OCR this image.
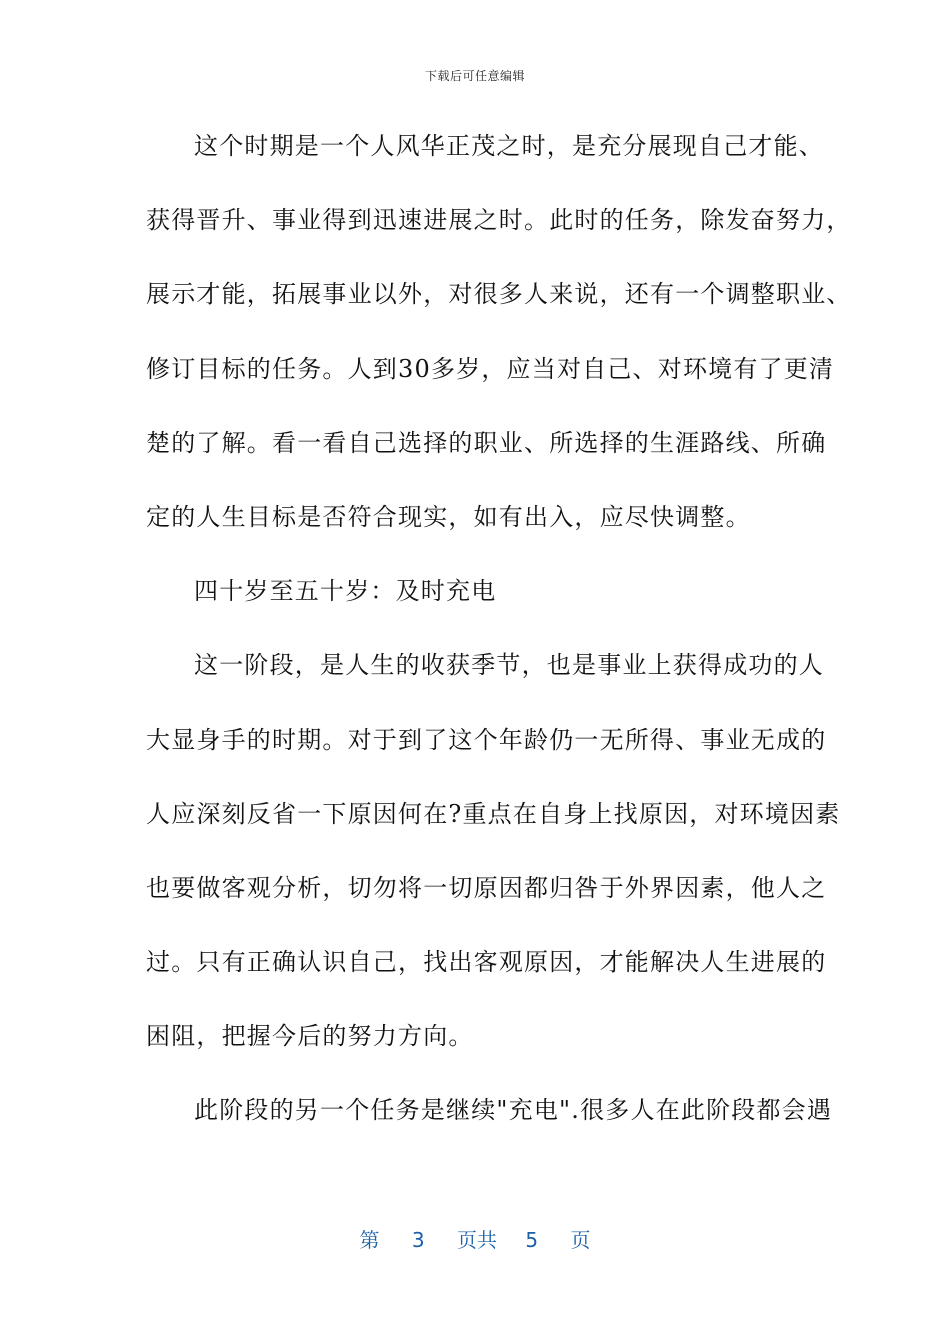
下载后可任意编辑
这个时期是一个人风华正茂之时，是充分展现自己才能、
获得晋升、事业得到迅速进展之时。此时的任务，除发奋努力，
展示才能，拓展事业以外，对很多人来说，还有一个调整职业、
修订目标的任务。人到30多岁，应当对自己、对环境有了更清
楚的了解。看一看自己选择的职业、所选择的生涯路线、所确
定的人生目标是否符合现实，如有出入，应尽快调整。
四十岁至五十岁：及时充电
这一阶段，是人生的收获季节，也是事业上获得成功的人
大显身手的时期。对于到了这个年龄仍一无所得、事业无成的
人应深刻反省一下原因何在?重点在自身上找原因，对环境因素
也要做客观分析，切勿将一切原因都归咎于外界因素，他人之
过。只有正确认识自己，找出客观原因，才能解决人生进展的
困阻，把握今后的努力方向。
此阶段的另一个任务是继续"充电".很多人在此阶段都会遇
第 3 页共 5 页
